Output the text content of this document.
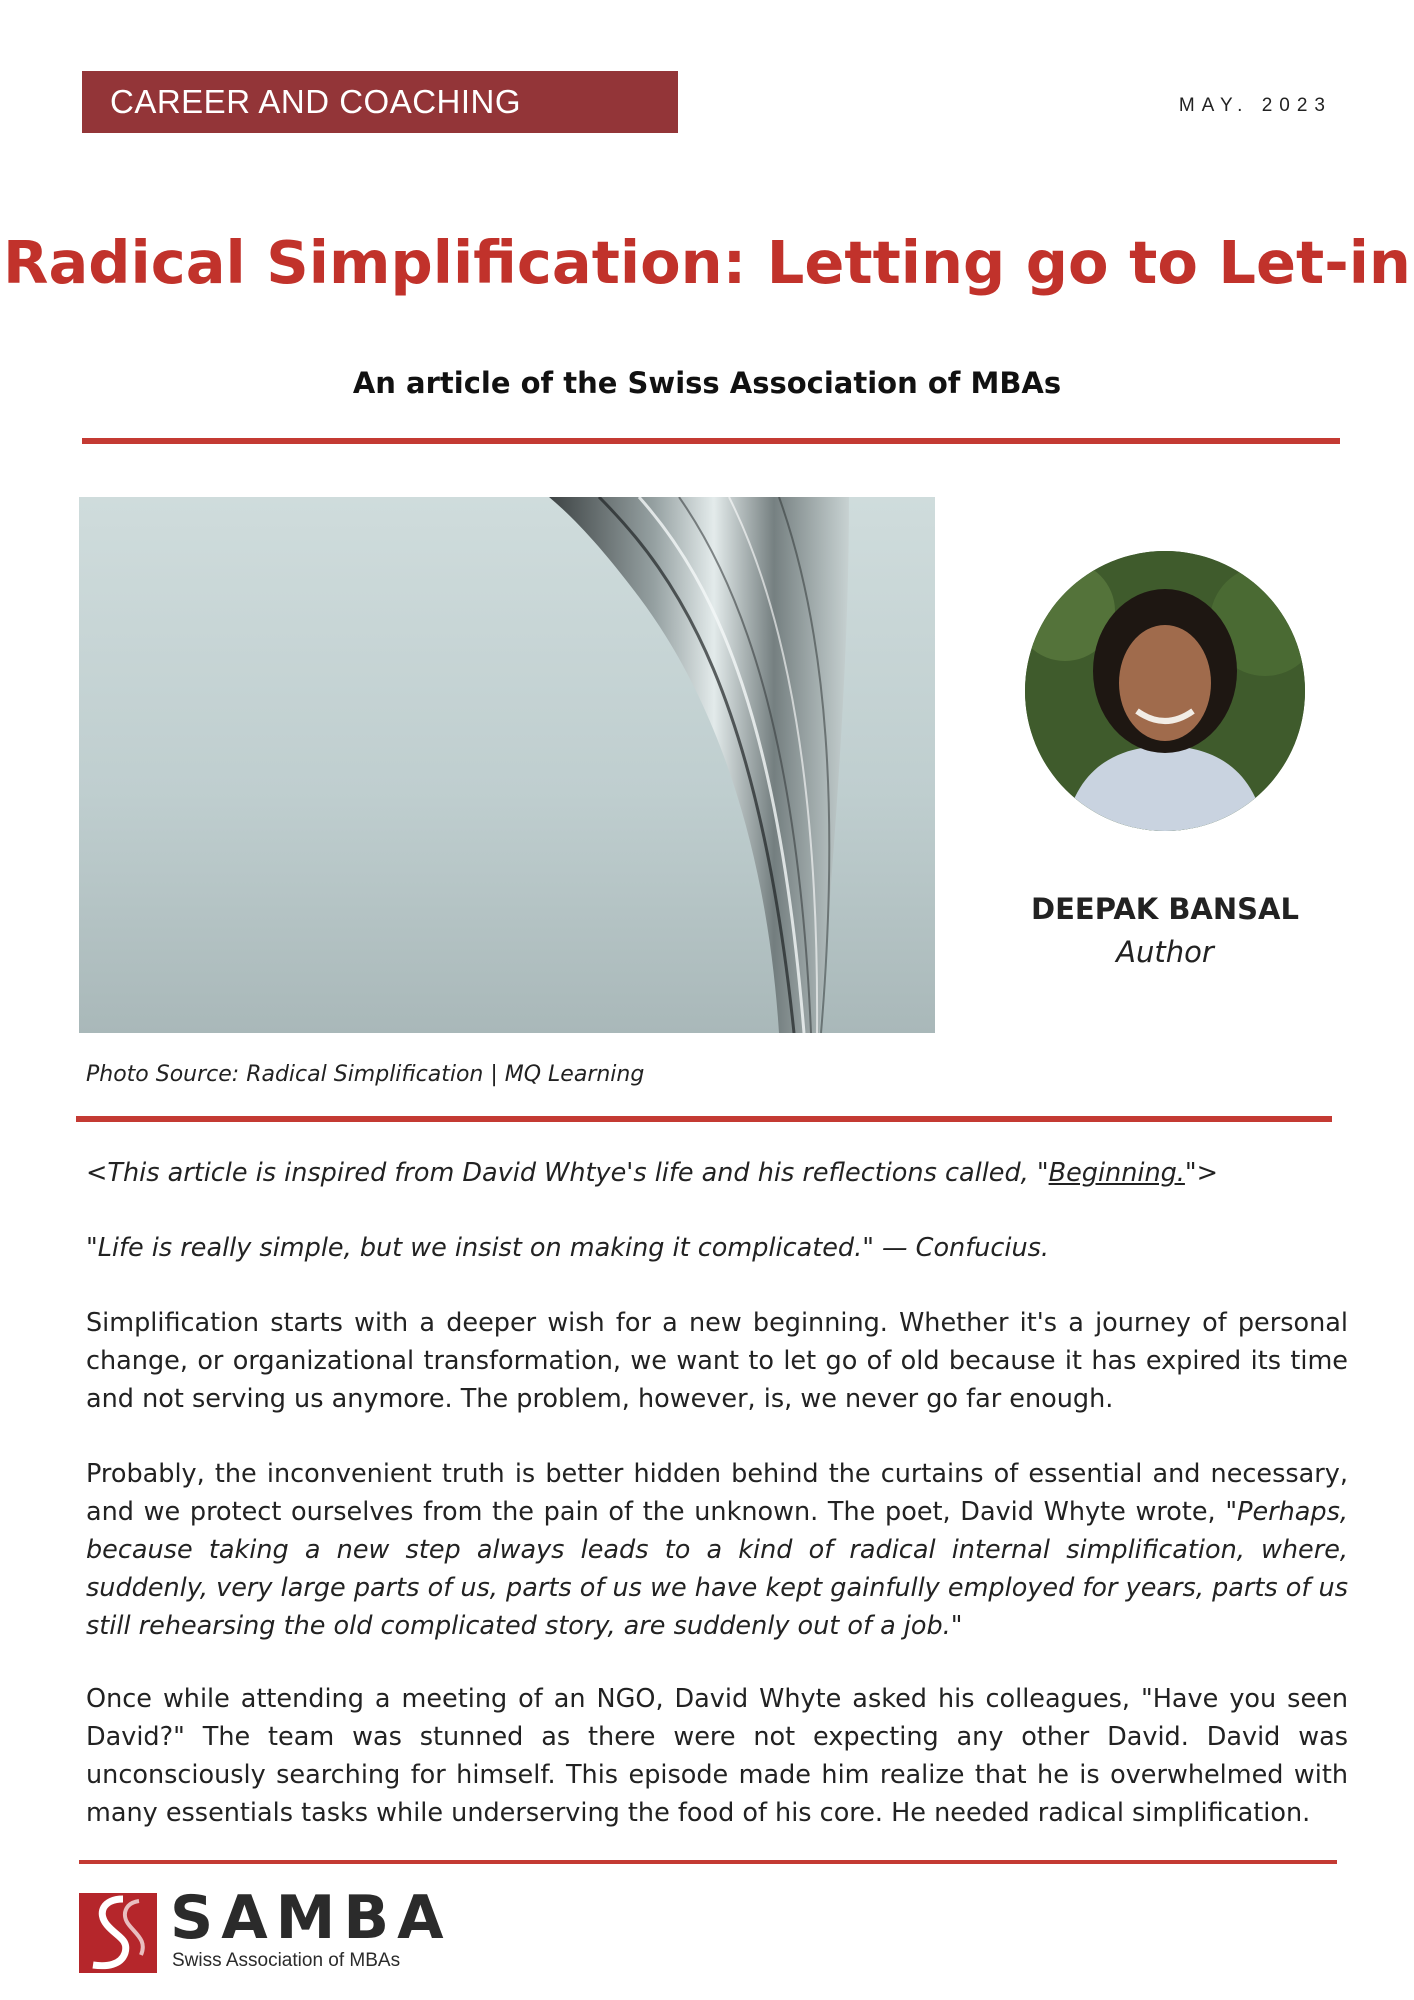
CAREER AND COACHING	MAY. 2023
Radical Simplification: Letting go to Let-in
An article of the Swiss Association of MBAs
Photo Source: Radical Simplification | MQ Learning
DEEPAK BANSAL
Author
<This article is inspired from David Whtye's life and his reflections called, "Beginning.">
"Life is really simple, but we insist on making it complicated." — Confucius.
Simplification starts with a deeper wish for a new beginning. Whether it's a journey of personal change, or organizational transformation, we want to let go of old because it has expired its time and not serving us anymore. The problem, however, is, we never go far enough.
Probably, the inconvenient truth is better hidden behind the curtains of essential and necessary, and we protect ourselves from the pain of the unknown. The poet, David Whyte wrote, "Perhaps, because taking a new step always leads to a kind of radical internal simplification, where, suddenly, very large parts of us, parts of us we have kept gainfully employed for years, parts of us still rehearsing the old complicated story, are suddenly out of a job."
Once while attending a meeting of an NGO, David Whyte asked his colleagues, "Have you seen David?" The team was stunned as there were not expecting any other David. David was unconsciously searching for himself. This episode made him realize that he is overwhelmed with many essentials tasks while underserving the food of his core. He needed radical simplification.
SAMBA
Swiss Association of MBAs
